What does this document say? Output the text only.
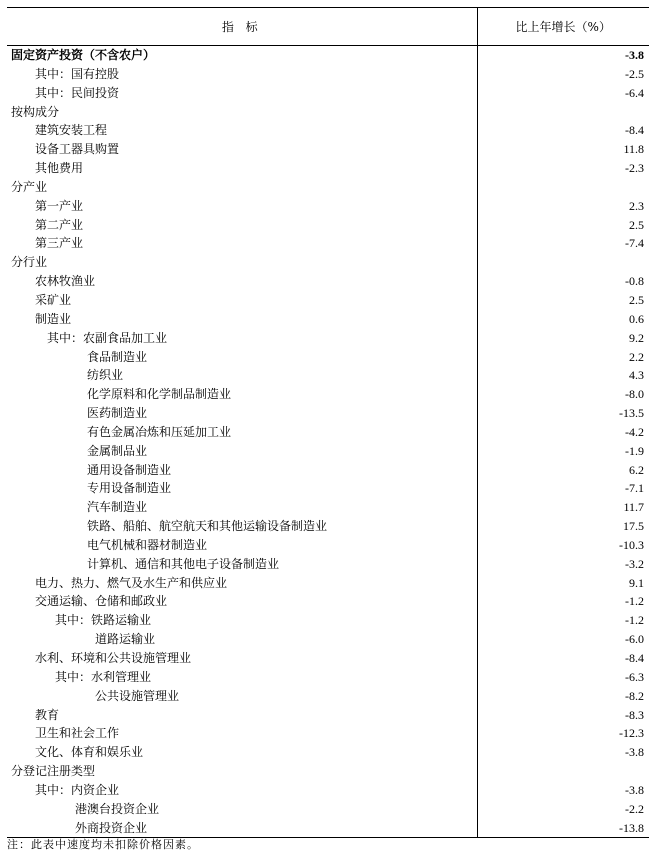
指 标	比上年增长（%）
固定资产投资（不含农户）	-3.8
其中：国有控股	-2.5
其中：民间投资	-6.4
按构成分	
建筑安装工程	-8.4
设备工器具购置	11.8
其他费用	-2.3
分产业	
第一产业	2.3
第二产业	2.5
第三产业	-7.4
分行业	
农林牧渔业	-0.8
采矿业	2.5
制造业	0.6
其中：农副食品加工业	9.2
食品制造业	2.2
纺织业	4.3
化学原料和化学制品制造业	-8.0
医药制造业	-13.5
有色金属冶炼和压延加工业	-4.2
金属制品业	-1.9
通用设备制造业	6.2
专用设备制造业	-7.1
汽车制造业	11.7
铁路、船舶、航空航天和其他运输设备制造业	17.5
电气机械和器材制造业	-10.3
计算机、通信和其他电子设备制造业	-3.2
电力、热力、燃气及水生产和供应业	9.1
交通运输、仓储和邮政业	-1.2
其中：铁路运输业	-1.2
道路运输业	-6.0
水利、环境和公共设施管理业	-8.4
其中：水利管理业	-6.3
公共设施管理业	-8.2
教育	-8.3
卫生和社会工作	-12.3
文化、体育和娱乐业	-3.8
分登记注册类型	
其中：内资企业	-3.8
港澳台投资企业	-2.2
外商投资企业	-13.8
注：此表中速度均未扣除价格因素。
